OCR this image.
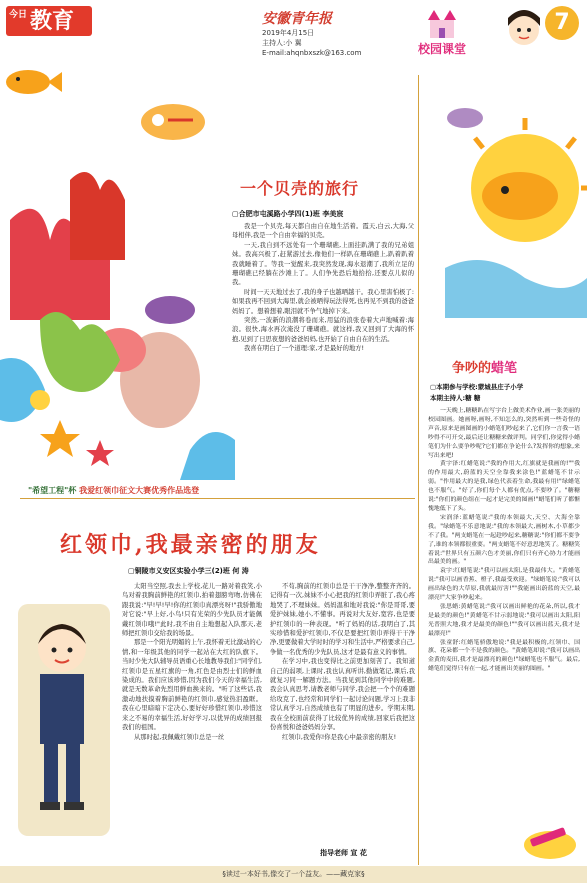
今日 教育	安徽青年报
2019年4月15日
主持人:小 翼
E-mail:ahqnbxszk@163.com
7
校园课堂
一个贝壳的旅行
▢合肥市屯溪路小学四(1)班 李美宸

我是一个贝壳,每天都自由自在地生活着。霞天,白云,大海,父母相伴,我是一个自由幸福的贝壳。

一天,我自到不远处有一个珊瑚礁,上面挂趴满了我的兄弟姐妹。我高兴极了,赶紧游过去,像他们一样趴在珊瑚礁上,趴着趴着我就睡着了。等我一觉醒来,我突然发现,海水退潮了,我所立足的珊瑚礁已经躺在沙滩上了。人们争先恐后地拾拾,还要点儿似的我。

时间一天天地过去了,我的身子也越晒越干。我心里害怕极了:如果我再不回到大海里,就会被晒得玩法得死,也再见不到我的爸爸妈妈了。想着想着,眼泪就不争气地掉下来。

突然,一波新的浪潮将卷而来,用猛的浪张卷着大声地喊着:海浪。很快,海水再次淹没了珊瑚礁。就这样,我又回到了大海的怀抱,见到了日思夜想的爸爸妈妈,也开始了自由自在的生活。

我喜在明白了一个道理:家,才是最好的地方!

"希望工程"杯 我爱红领巾征文大赛优秀作品选登
红领巾,我最亲密的朋友
▢铜陵市义安区实验小学三(2)班 何 涛

太阳当空照,我去上学校,花儿一路对着我笑,小鸟对着我胸前鲜艳的红领巾,拍着翅膀弯吻,仿佛在跟我说:"早!早!早!你的红领巾真漂亮呀!"我骄傲地对它说:"早上好,小鸟!只有光荣的少先队员才能佩戴红领巾哦!"此时,我不由自主地想起入队那天,老师把红领巾交给我的场景。

那是一个阳光明媚的上午,我怀着无比激动的心情,和一年级其他的同学一起站在大红的队旗下。当时少先大队辅导员语重心长地教导我们:"同学们,红领巾是五星红旗的一角,红色是由烈士们的鲜血染成的。我们应该珍惜,因为我们今天的幸福生活,就是无数革命先烈用鲜血换来的。"听了这些话,我激动地扶摸着胸前鲜艳的红领巾,感觉热泪盈眶。我在心里暗暗下定决心,要好好珍惜红领巾,珍惜这来之不易的幸福生活,好好学习,以优异的成绩回报我们的祖国。

从那时起,我佩戴红领巾总是一丝

不苟,胸前的红领巾总是干干净净,整整齐齐的。记得有一次,妹妹不小心把我的红领巾弄脏了,我心疼地哭了,不理妹妹。妈妈温和地对我说:"你是哥哥,要爱护妹妹,她小,不懂事。再说对大友好,宽容,也是要护红领巾的一种表现。"听了妈妈的话,我明白了,其实珍惜和爱护红领巾,不仅是要把红领巾弄得干干净净,更要做着大学时时的学习和生活中,严格要求自己,争做一名优秀的少先队员,这才是最有意义的事情。

在学习中,我也变得比之前更加刻苦了。我知道自己的弱项,上课时,我也认真听讲,勤做笔记,课后,我就复习同一解题方法。当我见到其他同学中的难题,我会认真思考,请教老师与同学,我会把一个个的难题给攻克了,也经常和同学们一起讨论问题,学习上我非常认真学习,自然成绩也有了明显的进步。学期末期,我在全校面前获得了比较优异的成绩,回家后我把这份喜悦和爸爸妈妈分享。

红领巾,我爱你!你是我心中最亲密的朋友!

指导老师 宣 花
争吵的蜡笔
▢本期参与学校:蒙城县庄子小学
本期主持人:糖 糖

一天晚上,糖糖趴在写字台上做美术作业,画一张美丽的校园图画。她画呀,画呀,不知怎么的,突然听到一些奇怪的声音,原来是画图画的小蜡笔们吵起来了,它们你一言我一语吵得不可开交,最后还让糖糖来做评判。同学们,你觉得小蜡笔们为什么要争吵呢?它们都在争论什么?发挥你的想象,来写出来吧!

黄宇泽:红蜡笔说:"我的作用大,红旗就是我画的!""我的作用最大,蔚蓝的天空全靠我来涂色!"蓝蜡笔不甘示弱。"作用最大的是我,绿色代表着生命,我最有用!"绿蜡笔也不服气。"好了,你们每个人都有优点,不要吵了。"糖糖说:"你们的颜色组在一起才是完美的图画!"蜡笔们听了都惭愧地低下了头。

宋润泽:蓝蜡笔说:"我的本领最大,天空、大海全靠我。"绿蜡笔不乐意地说:"我的本领最大,画树木,小草都少不了我。"两支蜡笔在一起趁吵起来,糖糖说:"你们都不要争了,谁的本领都很重要。"两支蜡笔不好意思地笑了。糖糖笑着说:"世界只有五颜六色才美丽,你们只有齐心协力才能画出最美的画。"

袁宇:红蜡笔说:"我可以画太阳,是我最伟大。"黄蜡笔说:"我可以画香蕉、橙子,我最受欢迎。"绿蜡笔说:"我可以画出绿色的大草原,我就最厉害!""我能画出蔚蓝的天空,最漂亮!"大家争吵起来。

张思蜡:黄蜡笔说:"我可以画出鲜艳的花朵,所以,我才是最美的颜色!"黄蜡笔不甘示弱地说:"我可以画出太阳,阳光普照大地,我才是最美的颜色!""我可以画出蓝天,我才是最漂亮!"

张童舒:红蜡笔骄傲地说:"我是最积极的,红领巾、国旗、花朵都一个不是我的颜色。"黄蜡笔却说:"我可以画出金黄的麦田,我才是最漂亮的颜色!"绿蜡笔也不服气。最后,蜡笔们觉得只有在一起,才能画出美丽的图画。"

§读过一本好书,像交了一个益友。——藏克家§
